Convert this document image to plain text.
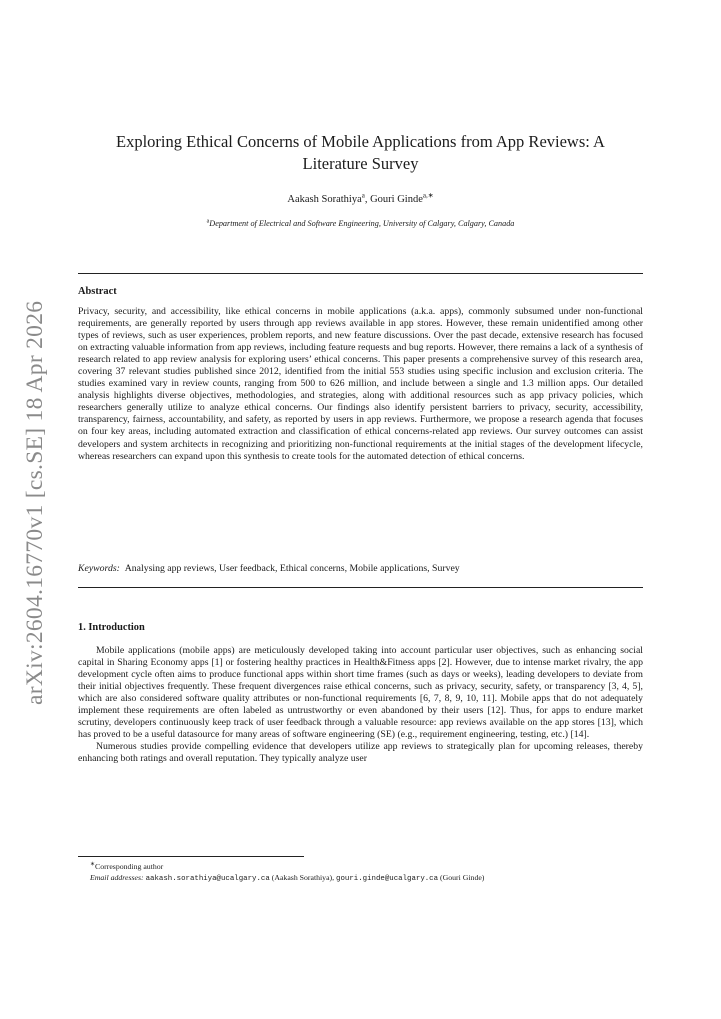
arXiv:2604.16770v1 [cs.SE] 18 Apr 2026
Exploring Ethical Concerns of Mobile Applications from App Reviews: A
Literature Survey
Aakash Sorathiya$^a$, Gouri Ginde$^{a,∗}$
$^a$Department of Electrical and Software Engineering, University of Calgary, Calgary, Canada
Abstract
Privacy, security, and accessibility, like ethical concerns in mobile applications (a.k.a. apps), commonly subsumed under non-functional requirements, are generally reported by users through app reviews available in app stores. However, these remain unidentified among other types of reviews, such as user experiences, problem reports, and new feature discussions. Over the past decade, extensive research has focused on extracting valuable information from app reviews, including feature requests and bug reports. However, there remains a lack of a synthesis of research related to app review analysis for exploring users’ ethical concerns. This paper presents a comprehensive survey of this research area, covering 37 relevant studies published since 2012, identified from the initial 553 studies using specific inclusion and exclusion criteria. The studies examined vary in review counts, ranging from 500 to 626 million, and include between a single and 1.3 million apps. Our detailed analysis highlights diverse objectives, methodologies, and strategies, along with additional resources such as app privacy policies, which researchers generally utilize to analyze ethical concerns. Our findings also identify persistent barriers to privacy, security, accessibility, transparency, fairness, accountability, and safety, as reported by users in app reviews. Furthermore, we propose a research agenda that focuses on four key areas, including automated extraction and classification of ethical concerns-related app reviews. Our survey outcomes can assist developers and system architects in recognizing and prioritizing non-functional requirements at the initial stages of the development lifecycle, whereas researchers can expand upon this synthesis to create tools for the automated detection of ethical concerns.
Keywords: Analysing app reviews, User feedback, Ethical concerns, Mobile applications, Survey
1. Introduction

Mobile applications (mobile apps) are meticulously developed taking into account particular user objectives, such as enhancing social capital in Sharing Economy apps [1] or fostering healthy practices in Health&Fitness apps [2]. However, due to intense market rivalry, the app development cycle often aims to produce functional apps within short time frames (such as days or weeks), leading developers to deviate from their initial objectives frequently. These frequent divergences raise ethical concerns, such as privacy, security, safety, or transparency [3, 4, 5], which are also considered software quality attributes or non-functional requirements [6, 7, 8, 9, 10, 11]. Mobile apps that do not adequately implement these requirements are often labeled as untrustworthy or even abandoned by their users [12]. Thus, for apps to endure market scrutiny, developers continuously keep track of user feedback through a valuable resource: app reviews available on the app stores [13], which has proved to be a useful datasource for many areas of software engineering (SE) (e.g., requirement engineering, testing, etc.) [14].

Numerous studies provide compelling evidence that developers utilize app reviews to strategically plan for upcoming releases, thereby enhancing both ratings and overall reputation. They typically analyze user

∗Corresponding author
Email addresses: aakash.sorathiya@ucalgary.ca (Aakash Sorathiya), gouri.ginde@ucalgary.ca (Gouri Ginde)
